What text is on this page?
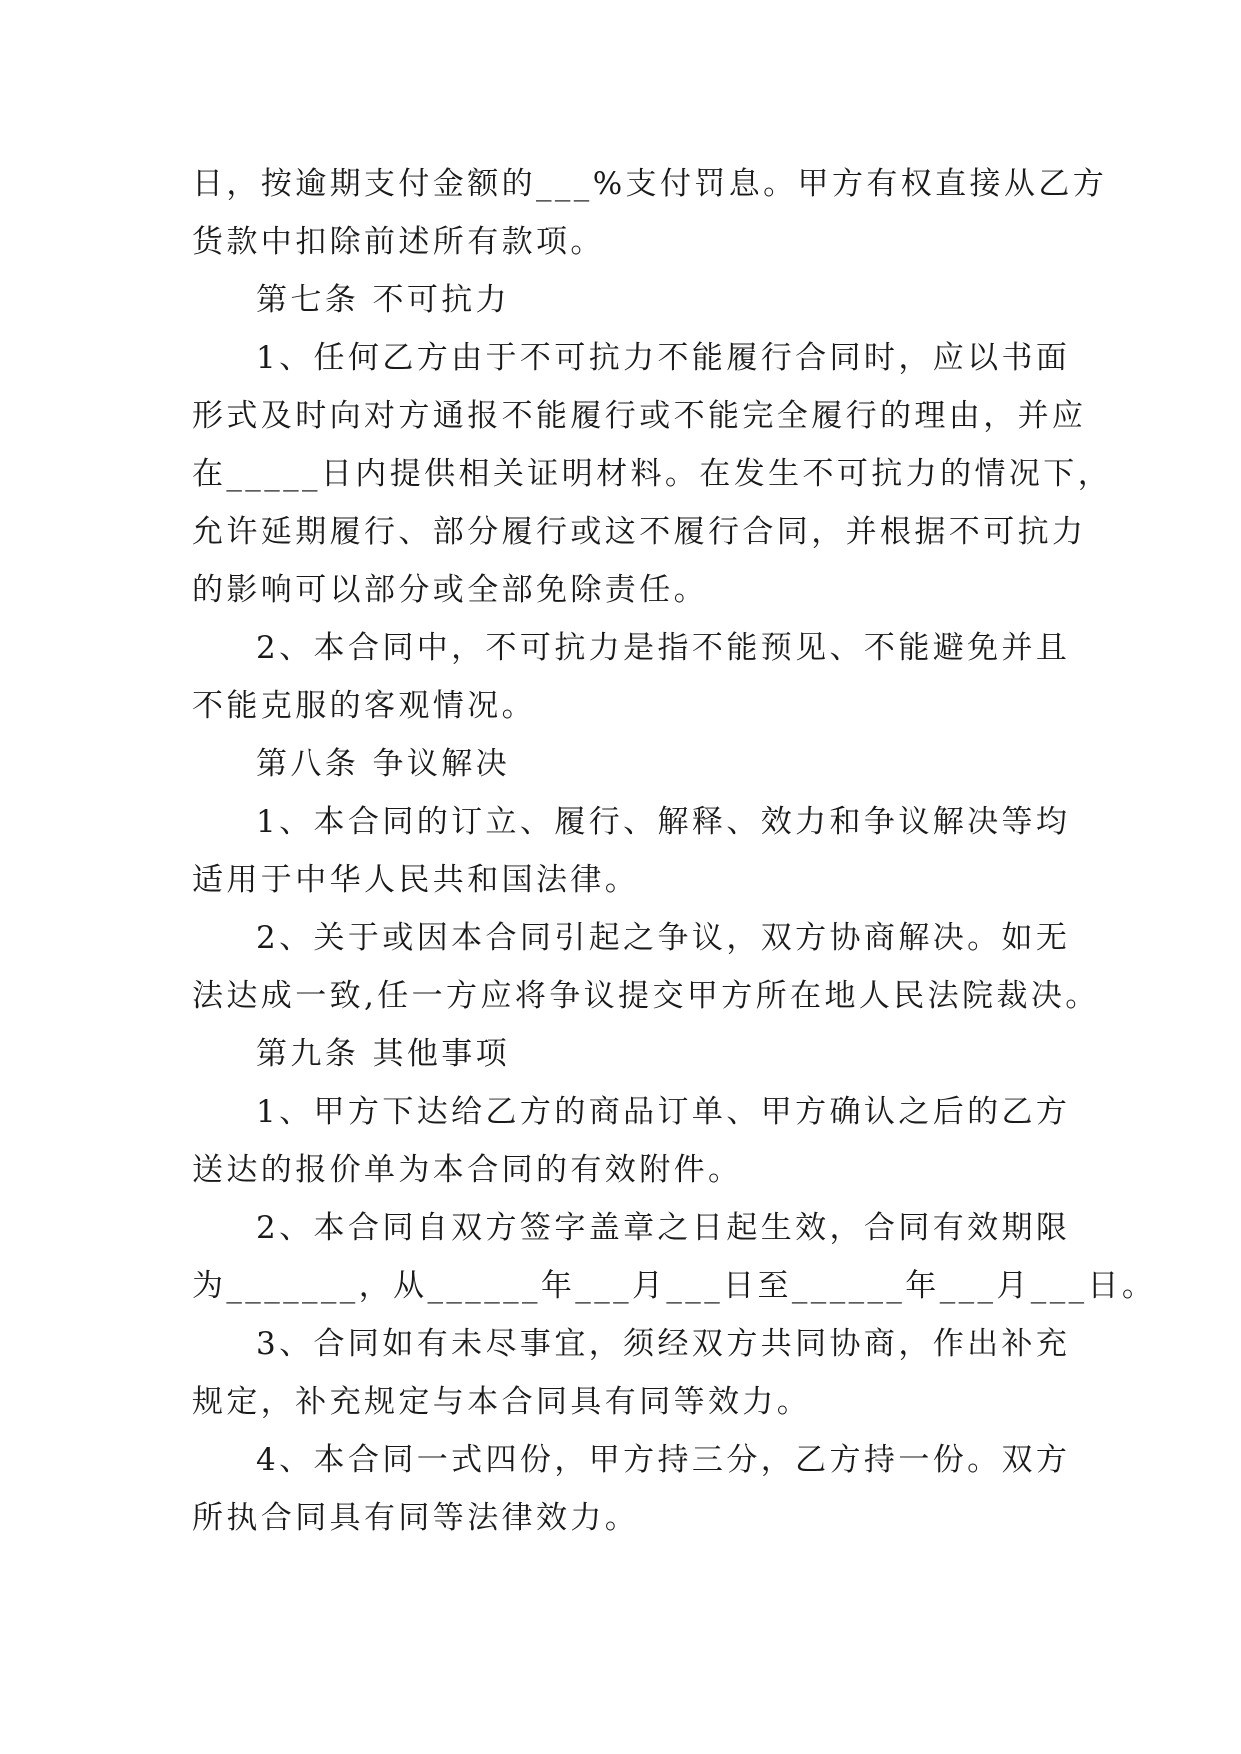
日，按逾期支付金额的___%支付罚息。甲方有权直接从乙方
货款中扣除前述所有款项。
第七条 不可抗力
1、任何乙方由于不可抗力不能履行合同时，应以书面
形式及时向对方通报不能履行或不能完全履行的理由，并应
在_____日内提供相关证明材料。在发生不可抗力的情况下，
允许延期履行、部分履行或这不履行合同，并根据不可抗力
的影响可以部分或全部免除责任。
2、本合同中，不可抗力是指不能预见、不能避免并且
不能克服的客观情况。
第八条 争议解决
1、本合同的订立、履行、解释、效力和争议解决等均
适用于中华人民共和国法律。
2、关于或因本合同引起之争议，双方协商解决。如无
法达成一致,任一方应将争议提交甲方所在地人民法院裁决。
第九条 其他事项
1、甲方下达给乙方的商品订单、甲方确认之后的乙方
送达的报价单为本合同的有效附件。
2、本合同自双方签字盖章之日起生效，合同有效期限
为_______，从______年___月___日至______年___月___日。
3、合同如有未尽事宜，须经双方共同协商，作出补充
规定，补充规定与本合同具有同等效力。
4、本合同一式四份，甲方持三分，乙方持一份。双方
所执合同具有同等法律效力。
